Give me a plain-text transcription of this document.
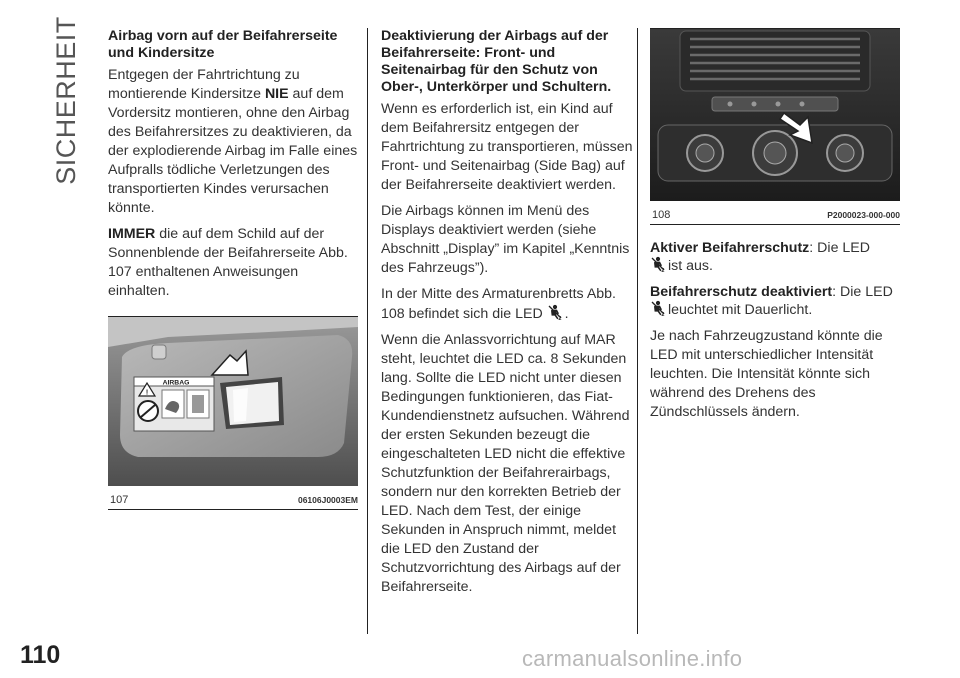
SICHERHEIT Airbag vorn auf der Beifahrerseite und Kindersitze

Entgegen der Fahrtrichtung zu montierende Kindersitze NIE auf dem Vordersitz montieren, ohne den Airbag des Beifahrersitzes zu deaktivieren, da der explodierende Airbag im Falle eines Aufpralls tödliche Verletzungen des transportierten Kindes verursachen könnte.

IMMER die auf dem Schild auf der Sonnenblende der Beifahrerseite Abb. 107 enthaltenen Anweisungen einhalten.

AIRBAG
!
107	06106J0003EM
Deaktivierung der Airbags auf der Beifahrerseite: Front- und Seitenairbag für den Schutz von Ober-, Unterkörper und Schultern.

Wenn es erforderlich ist, ein Kind auf dem Beifahrersitz entgegen der Fahrtrichtung zu transportieren, müssen Front- und Seitenairbag (Side Bag) auf der Beifahrerseite deaktiviert werden.

Die Airbags können im Menü des Displays deaktiviert werden (siehe Abschnitt „Display” im Kapitel „Kenntnis des Fahrzeugs”).

In der Mitte des Armaturenbretts Abb. 108 befindet sich die LED .

Wenn die Anlassvorrichtung auf MAR steht, leuchtet die LED ca. 8 Sekunden lang. Sollte die LED nicht unter diesen Bedingungen funktionieren, das Fiat-Kundendienstnetz aufsuchen. Während der ersten Sekunden bezeugt die eingeschalteten LED nicht die effektive Schutzfunktion der Beifahrerairbags, sondern nur den korrekten Betrieb der LED. Nach dem Test, der einige Sekunden in Anspruch nimmt, meldet die LED den Zustand der Schutzvorrichtung des Airbags auf der Beifahrerseite.

108	P2000023-000-000

Aktiver Beifahrerschutz: Die LED
ist aus.

Beifahrerschutz deaktiviert: Die LED
leuchtet mit Dauerlicht.

Je nach Fahrzeugzustand könnte die LED mit unterschiedlicher Intensität leuchten. Die Intensität könnte sich während des Drehens des Zündschlüssels ändern.

110	carmanualsonline.info
